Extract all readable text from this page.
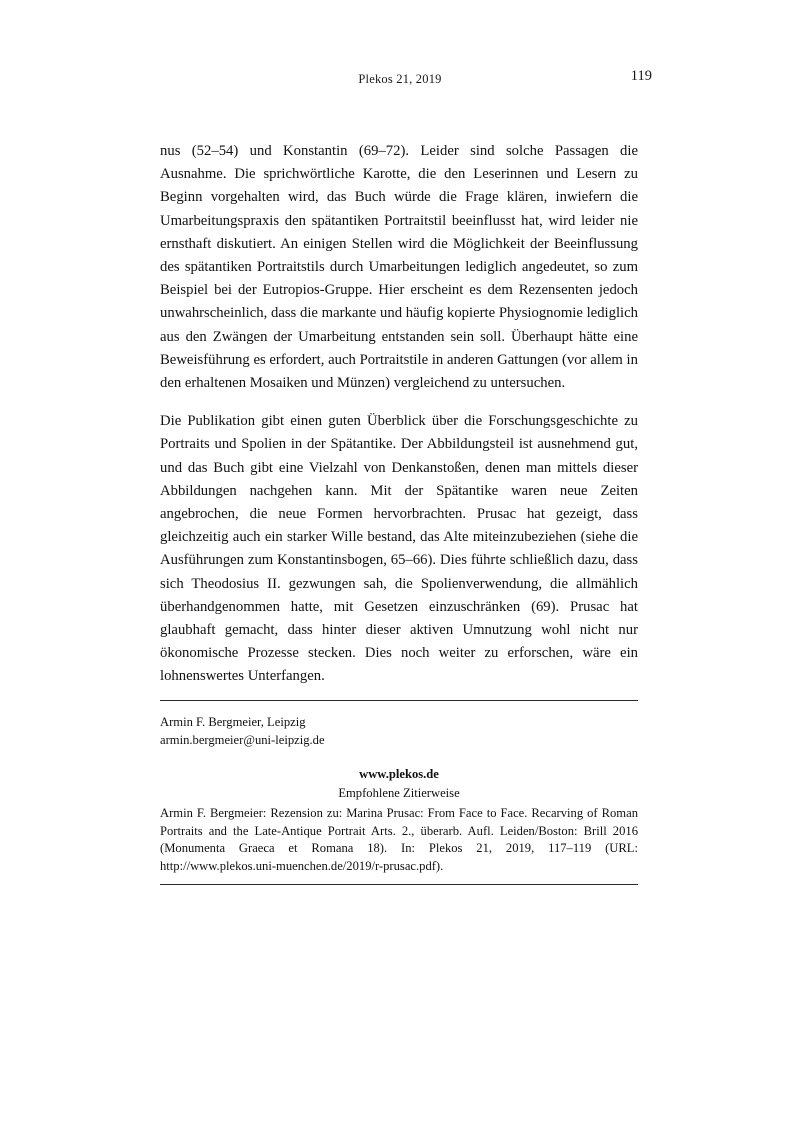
Plekos 21, 2019	119

nus (52–54) und Konstantin (69–72). Leider sind solche Passagen die Ausnahme. Die sprichwörtliche Karotte, die den Leserinnen und Lesern zu Beginn vorgehalten wird, das Buch würde die Frage klären, inwiefern die Umarbeitungspraxis den spätantiken Portraitstil beeinflusst hat, wird leider nie ernsthaft diskutiert. An einigen Stellen wird die Möglichkeit der Beeinflussung des spätantiken Portraitstils durch Umarbeitungen lediglich angedeutet, so zum Beispiel bei der Eutropios-Gruppe. Hier erscheint es dem Rezensenten jedoch unwahrscheinlich, dass die markante und häufig kopierte Physiognomie lediglich aus den Zwängen der Umarbeitung entstanden sein soll. Überhaupt hätte eine Beweisführung es erfordert, auch Portraitstile in anderen Gattungen (vor allem in den erhaltenen Mosaiken und Münzen) vergleichend zu untersuchen.

Die Publikation gibt einen guten Überblick über die Forschungsgeschichte zu Portraits und Spolien in der Spätantike. Der Abbildungsteil ist ausnehmend gut, und das Buch gibt eine Vielzahl von Denkanstoßen, denen man mittels dieser Abbildungen nachgehen kann. Mit der Spätantike waren neue Zeiten angebrochen, die neue Formen hervorbrachten. Prusac hat gezeigt, dass gleichzeitig auch ein starker Wille bestand, das Alte miteinzubeziehen (siehe die Ausführungen zum Konstantinsbogen, 65–66). Dies führte schließlich dazu, dass sich Theodosius II. gezwungen sah, die Spolienverwendung, die allmählich überhandgenommen hatte, mit Gesetzen einzuschränken (69). Prusac hat glaubhaft gemacht, dass hinter dieser aktiven Umnutzung wohl nicht nur ökonomische Prozesse stecken. Dies noch weiter zu erforschen, wäre ein lohnenswertes Unterfangen.

Armin F. Bergmeier, Leipzig
armin.bergmeier@uni-leipzig.de
www.plekos.de
Empfohlene Zitierweise
Armin F. Bergmeier: Rezension zu: Marina Prusac: From Face to Face. Recarving of Roman Portraits and the Late-Antique Portrait Arts. 2., überarb. Aufl. Leiden/Boston: Brill 2016 (Monumenta Graeca et Romana 18). In: Plekos 21, 2019, 117–119 (URL: http://www.plekos.uni-muenchen.de/2019/r-prusac.pdf).
